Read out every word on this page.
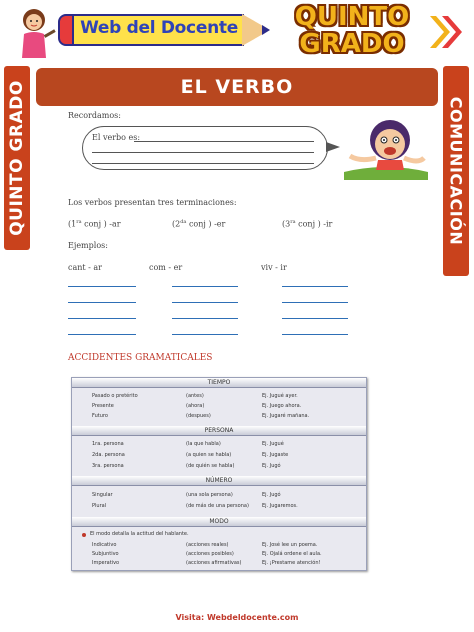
Web del Docente	QUINTO
GRADO
QUINTO GRADO	COMUNICACIÓN
EL VERBO
Recordamos:
El verbo es:
Los verbos presentan tres terminaciones:
($1^{ra}$ conj ) -ar	($2^{da}$ conj ) -er	($3^{ra}$ conj ) -ir
Ejemplos:
cant - ar	com - er	viv - ir
ACCIDENTES GRAMATICALES
TIEMPO
Pasado o pretérito	(antes)	Ej. Jugué ayer.
Presente	(ahora)	Ej. Juego ahora.
Futuro	(despues)	Ej. Jugaré mañana.
PERSONA
1ra. persona	(la que habla)	Ej. Jugué
2da. persona	(a quien se habla)	Ej. Jugaste
3ra. persona	(de quién se habla)	Ej. Jugó
NÚMERO
Singular	(una sola persona)	Ej. Jugó
Plural	(de más de una persona)	Ej. Jugaremos.
MODO
El modo detalla la actitud del hablante.
Indicativo	(acciones reales)	Ej. José lee un poema.
Subjuntivo	(acciones posibles)	Ej. Ojalá ordene el aula.
Imperativo	(acciones afirmativas)	Ej. ¡Prestame atención!
Visita: Webdeldocente.com
